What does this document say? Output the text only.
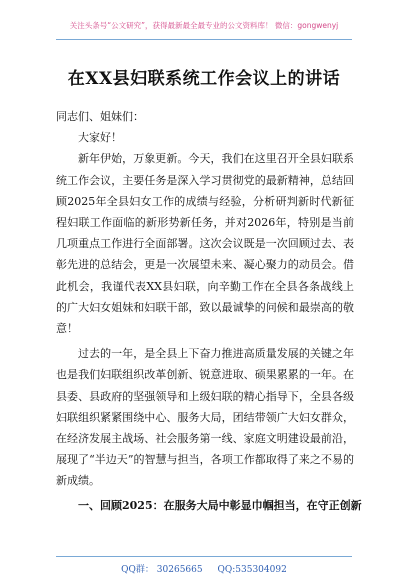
关注头条号“公文研究”，获得最新最全最专业的公文资料库！ 微信：gongwenyj
在XX县妇联系统工作会议上的讲话

同志们、姐妹们：

大家好！

新年伊始，万象更新。今天，我们在这里召开全县妇联系统工作会议，主要任务是深入学习贯彻党的最新精神，总结回顾2025年全县妇女工作的成绩与经验，分析研判新时代新征程妇联工作面临的新形势新任务，并对2026年，特别是当前几项重点工作进行全面部署。这次会议既是一次回顾过去、表彰先进的总结会，更是一次展望未来、凝心聚力的动员会。借此机会，我谨代表XX县妇联，向辛勤工作在全县各条战线上的广大妇女姐妹和妇联干部，致以最诚挚的问候和最崇高的敬意！

过去的一年，是全县上下奋力推进高质量发展的关键之年也是我们妇联组织改革创新、锐意进取、硕果累累的一年。在县委、县政府的坚强领导和上级妇联的精心指导下，全县各级妇联组织紧紧围绕中心、服务大局，团结带领广大妇女群众，在经济发展主战场、社会服务第一线、家庭文明建设最前沿，展现了“半边天”的智慧与担当，各项工作都取得了来之不易的新成绩。

一、回顾2025：在服务大局中彰显巾帼担当，在守正创新

QQ群： 30265665 QQ:535304092
